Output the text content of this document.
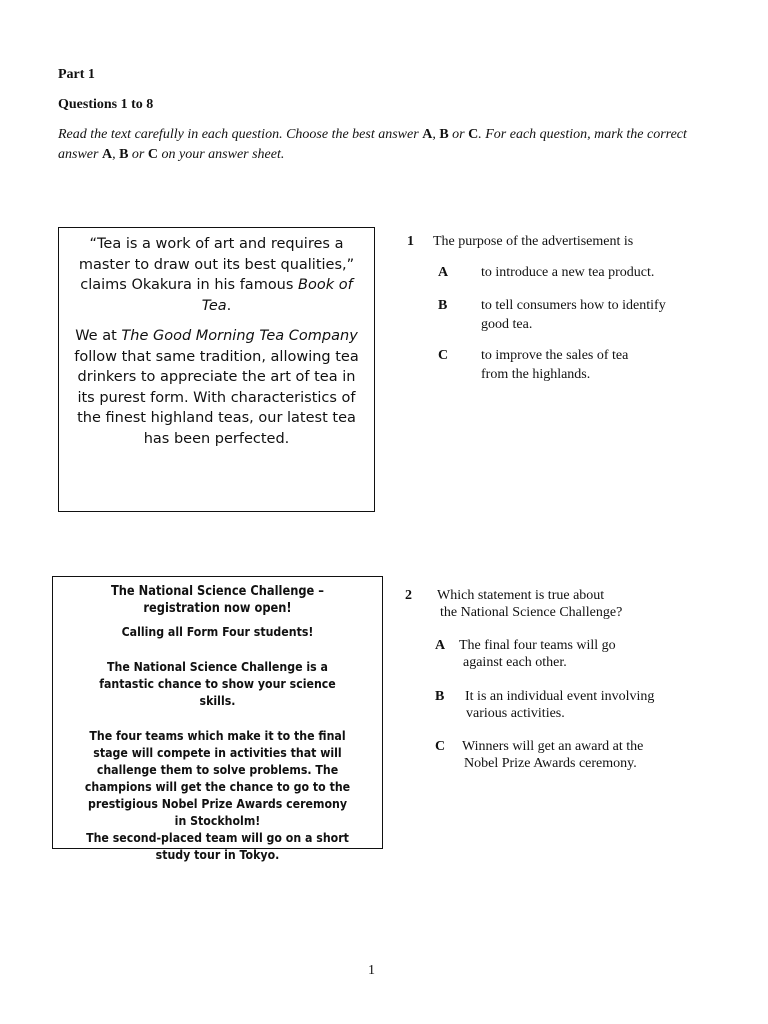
Part 1
Questions 1 to 8
Read the text carefully in each question. Choose the best answer A, B or C. For each question, mark the correct answer A, B or C on your answer sheet.

“Tea is a work of art and requires a master to draw out its best qualities,” claims Okakura in his famous Book of Tea.

We at The Good Morning Tea Company follow that same tradition, allowing tea drinkers to appreciate the art of tea in its purest form. With characteristics of the finest highland teas, our latest tea has been perfected.

1 The purpose of the advertisement is
A to introduce a new tea product.
B to tell consumers how to identify
good tea.
C to improve the sales of tea
from the highlands.

The National Science Challenge – registration now open!

Calling all Form Four students!

The National Science Challenge is a fantastic chance to show your science skills.

The four teams which make it to the final stage will compete in activities that will challenge them to solve problems. The champions will get the chance to go to the prestigious Nobel Prize Awards ceremony in Stockholm!

The second-placed team will go on a short study tour in Tokyo.

2 Which statement is true about
the National Science Challenge?
A The final four teams will go
against each other.
B It is an individual event involving
various activities.
C Winners will get an award at the
Nobel Prize Awards ceremony.
1
